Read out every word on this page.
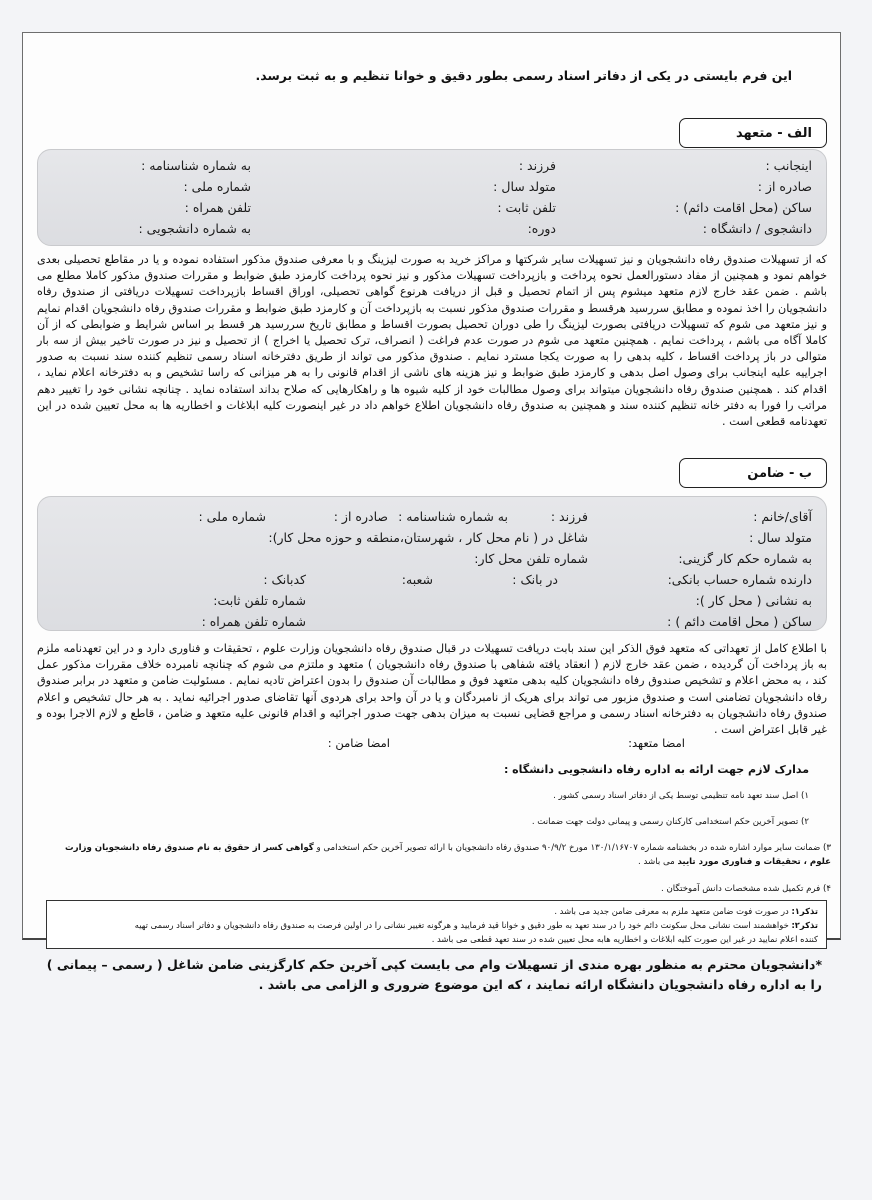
این فرم بایستی در یکی از دفاتر اسناد رسمی بطور دقیق و خوانا تنظیم و به ثبت برسد.
الف - متعهد
اینجانب :
فرزند :
به شماره شناسنامه :
صادره از :
متولد سال :
شماره ملی :
ساکن (محل اقامت دائم) :
تلفن ثابت :
تلفن همراه :
دانشجوی / دانشگاه :
دوره:
به شماره دانشجویی :
که از تسهیلات صندوق رفاه دانشجویان و نیز تسهیلات سایر شرکتها و مراکز خرید به صورت لیزینگ و با معرفی صندوق مذکور استفاده نموده و یا در مقاطع تحصیلی بعدی خواهم نمود و همچنین از مفاد دستورالعمل نحوه پرداخت و بازپرداخت تسهیلات مذکور و نیز نحوه پرداخت کارمزد طبق ضوابط و مقررات صندوق مذکور کاملا مطلع می باشم . ضمن عقد خارج لازم متعهد میشوم پس از اتمام تحصیل و قبل از دریافت هرنوع گواهی تحصیلی، اوراق اقساط بازپرداخت تسهیلات دریافتی از صندوق رفاه دانشجویان را اخذ نموده و مطابق سررسید هرقسط و مقررات صندوق مذکور نسبت به بازپرداخت آن و کارمزد طبق ضوابط و مقررات صندوق رفاه دانشجویان اقدام نمایم و نیز متعهد می شوم که تسهیلات دریافتی بصورت لیزینگ را طی دوران تحصیل بصورت اقساط و مطابق تاریخ سررسید هر قسط بر اساس شرایط و ضوابطی که از آن کاملا آگاه می باشم ، پرداخت نمایم . همچنین متعهد می شوم در صورت عدم فراغت ( انصراف، ترک تحصیل یا اخراج ) از تحصیل و نیز در صورت تاخیر بیش از سه بار متوالی در باز پرداخت اقساط ، کلیه بدهی را به صورت یکجا مسترد نمایم . صندوق مذکور می تواند از طریق دفترخانه اسناد رسمی تنظیم کننده سند نسبت به صدور اجراییه علیه اینجانب برای وصول اصل بدهی و کارمزد طبق ضوابط و نیز هزینه های ناشی از اقدام قانونی را به هر میزانی که راسا تشخیص و به دفترخانه اعلام نماید ، اقدام کند . همچنین صندوق رفاه دانشجویان میتواند برای وصول مطالبات خود از کلیه شیوه ها و راهکارهایی که صلاح بداند استفاده نماید . چنانچه نشانی خود را تغییر دهم مراتب را فورا به دفتر خانه تنظیم کننده سند و همچنین به صندوق رفاه دانشجویان اطلاع خواهم داد در غیر اینصورت کلیه ابلاغات و اخطاریه ها به محل تعیین شده در این تعهدنامه قطعی است .
ب - ضامن
آقای/خانم :
فرزند :
به شماره شناسنامه :
صادره از :
شماره ملی :
متولد سال :
شاغل در ( نام محل کار ، شهرستان،منطقه و حوزه محل کار):
به شماره حکم کار گزینی:
شماره تلفن محل کار:
دارنده شماره حساب بانکی:
در بانک :
شعبه:
کدبانک :
به نشانی ( محل کار ):
شماره تلفن ثابت:
ساکن ( محل اقامت دائم ) :
شماره تلفن همراه :
با اطلاع کامل از تعهداتی که متعهد فوق الذکر این سند بابت دریافت تسهیلات در قبال صندوق رفاه دانشجویان وزارت علوم ، تحقیقات و فناوری دارد و در این تعهدنامه ملزم به باز پرداخت آن گردیده ، ضمن عقد خارج لازم ( انعقاد یافته شفاهی با صندوق رفاه دانشجویان ) متعهد و ملتزم می شوم که چنانچه نامبرده خلاف مقررات مذکور عمل کند ، به محض اعلام و تشخیص صندوق رفاه دانشجویان کلیه بدهی متعهد فوق و مطالبات آن صندوق را بدون اعتراض تادیه نمایم . مسئولیت ضامن و متعهد در برابر صندوق رفاه دانشجویان تضامنی است و صندوق مزبور می تواند برای هریک از نامبردگان و یا در آن واحد برای هردوی آنها تقاضای صدور اجرائیه نماید . به هر حال تشخیص و اعلام صندوق رفاه دانشجویان به دفترخانه اسناد رسمی و مراجع قضایی نسبت به میزان بدهی جهت صدور اجرائیه و اقدام قانونی علیه متعهد و ضامن ، قاطع و لازم الاجرا بوده و غیر قابل اعتراض است .
امضا متعهد:
امضا ضامن :
مدارک لازم جهت ارائه به اداره رفاه دانشجویی دانشگاه :
۱) اصل سند تعهد نامه تنظیمی توسط یکی از دفاتر اسناد رسمی کشور .
۲) تصویر آخرین حکم استخدامی کارکنان رسمی و پیمانی دولت جهت ضمانت .
۳) ضمانت سایر موارد اشاره شده در بخشنامه شماره ۱۳۰/۱/۱۶۷۰۷ مورخ ۹۰/۹/۲ صندوق رفاه دانشجویان با ارائه تصویر آخرین حکم استخدامی و گواهی کسر از حقوق به نام صندوق رفاه دانشجویان وزارت علوم ، تحقیقات و فناوری مورد تایید می باشد .
۴) فرم تکمیل شده مشخصات دانش آموختگان .
تذکر۱: در صورت فوت ضامن متعهد ملزم به معرفی ضامن جدید می باشد .
تذکر۲: خواهشمند است نشانی محل سکونت دائم خود را در سند تعهد به طور دقیق و خوانا قید فرمایید و هرگونه تغییر نشانی را در اولین فرصت به صندوق رفاه دانشجویان و دفاتر اسناد رسمی تهیه
کننده اعلام نمایید در غیر این صورت کلیه ابلاغات و اخطاریه هابه محل تعیین شده در سند تعهد قطعی می باشد .
*دانشجویان محترم به منظور بهره مندی از تسهیلات وام می بایست کپی آخرین حکم کارگزینی ضامن شاغل ( رسمی – پیمانی )
را به اداره رفاه دانشجویان دانشگاه ارائه نمایند ، که این موضوع ضروری و الزامی می باشد .
